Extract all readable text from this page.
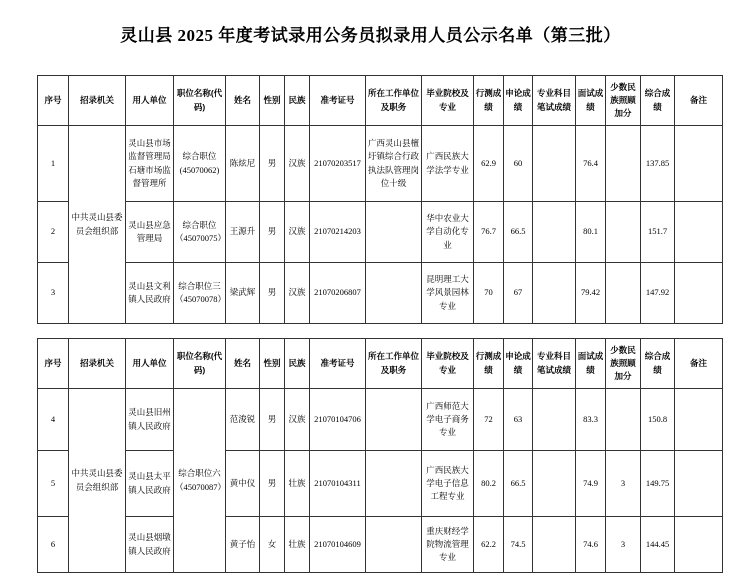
灵山县 2025 年度考试录用公务员拟录用人员公示名单（第三批）
序号	招录机关	用人单位	职位名称(代码)	姓名	性别	民族	准考证号	所在工作单位及职务	毕业院校及专业	行测成绩	申论成绩	专业科目笔试成绩	面试成绩	少数民族照顾加分	综合成绩	备注
1	中共灵山县委员会组织部	灵山县市场监督管理局石塘市场监督管理所	综合职位(45070062)	陈炫尼	男	汉族	21070203517	广西灵山县檀圩镇综合行政执法队管理岗位十级	广西民族大学法学专业	62.9	60		76.4		137.85	
2		灵山县应急管理局	综合职位（45070075）	王源升	男	汉族	21070214203		华中农业大学自动化专业	76.7	66.5		80.1		151.7	
3		灵山县文利镇人民政府	综合职位三（45070078）	梁武辉	男	汉族	21070206807		昆明理工大学风景园林专业	70	67		79.42		147.92	
序号	招录机关	用人单位	职位名称(代码)	姓名	性别	民族	准考证号	所在工作单位及职务	毕业院校及专业	行测成绩	申论成绩	专业科目笔试成绩	面试成绩	少数民族照顾加分	综合成绩	备注
4	中共灵山县委员会组织部	灵山县旧州镇人民政府	综合职位六（45070087）	范浚锐	男	汉族	21070104706		广西师范大学电子商务专业	72	63		83.3		150.8	
5		灵山县太平镇人民政府		黄中仪	男	壮族	21070104311		广西民族大学电子信息工程专业	80.2	66.5		74.9	3	149.75	
6		灵山县烟墩镇人民政府		黄子怡	女	壮族	21070104609		重庆财经学院物流管理专业	62.2	74.5		74.6	3	144.45	
